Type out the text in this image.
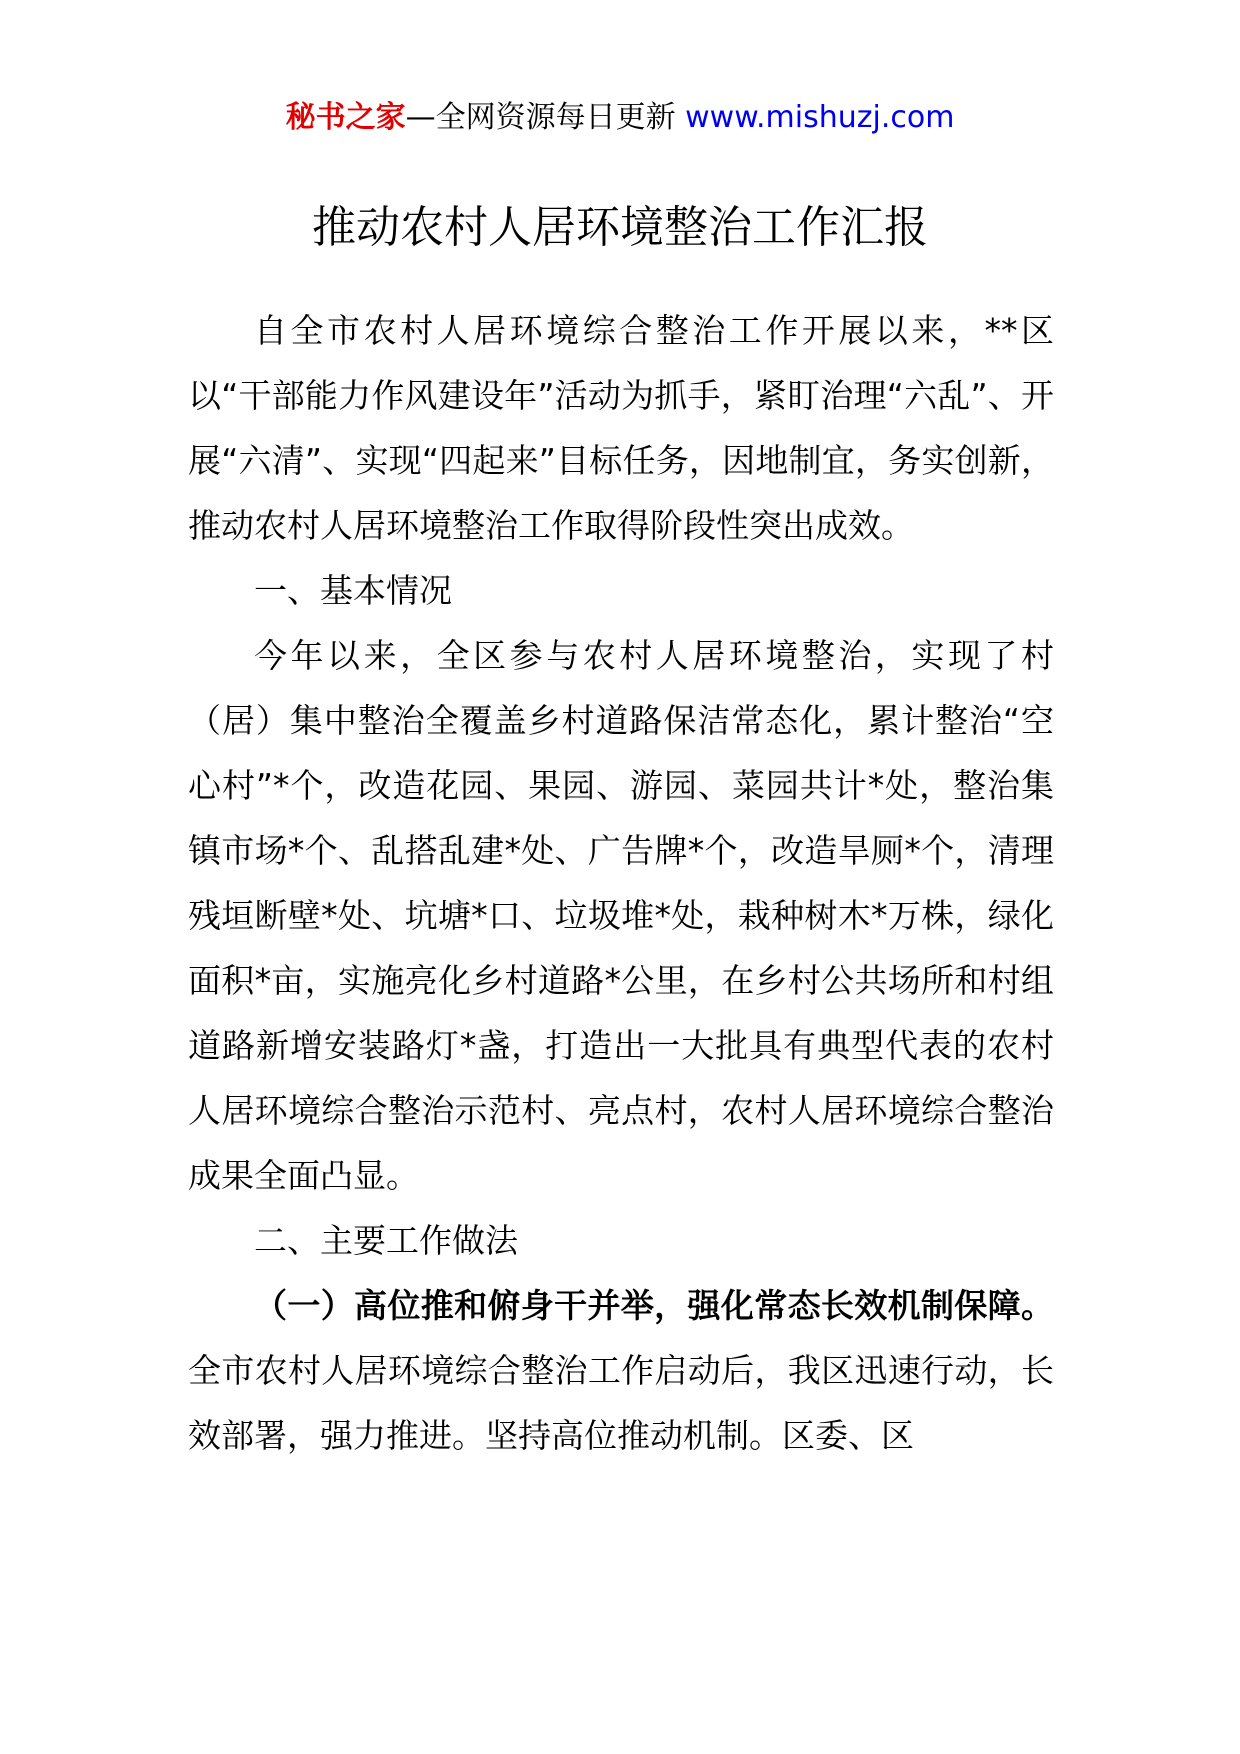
秘书之家—全网资源每日更新 www.mishuzj.com
推动农村人居环境整治工作汇报

自全市农村人居环境综合整治工作开展以来，**区以“干部能力作风建设年”活动为抓手，紧盯治理“六乱”、开展“六清”、实现“四起来”目标任务，因地制宜，务实创新，推动农村人居环境整治工作取得阶段性突出成效。

一、基本情况

今年以来，全区参与农村人居环境整治，实现了村（居）集中整治全覆盖乡村道路保洁常态化，累计整治“空心村”*个，改造花园、果园、游园、菜园共计*处，整治集镇市场*个、乱搭乱建*处、广告牌*个，改造旱厕*个，清理残垣断壁*处、坑塘*口、垃圾堆*处，栽种树木*万株，绿化面积*亩，实施亮化乡村道路*公里，在乡村公共场所和村组道路新增安装路灯*盏，打造出一大批具有典型代表的农村人居环境综合整治示范村、亮点村，农村人居环境综合整治成果全面凸显。

二、主要工作做法

（一）高位推和俯身干并举，强化常态长效机制保障。全市农村人居环境综合整治工作启动后，我区迅速行动，长效部署，强力推进。坚持高位推动机制。区委、区
